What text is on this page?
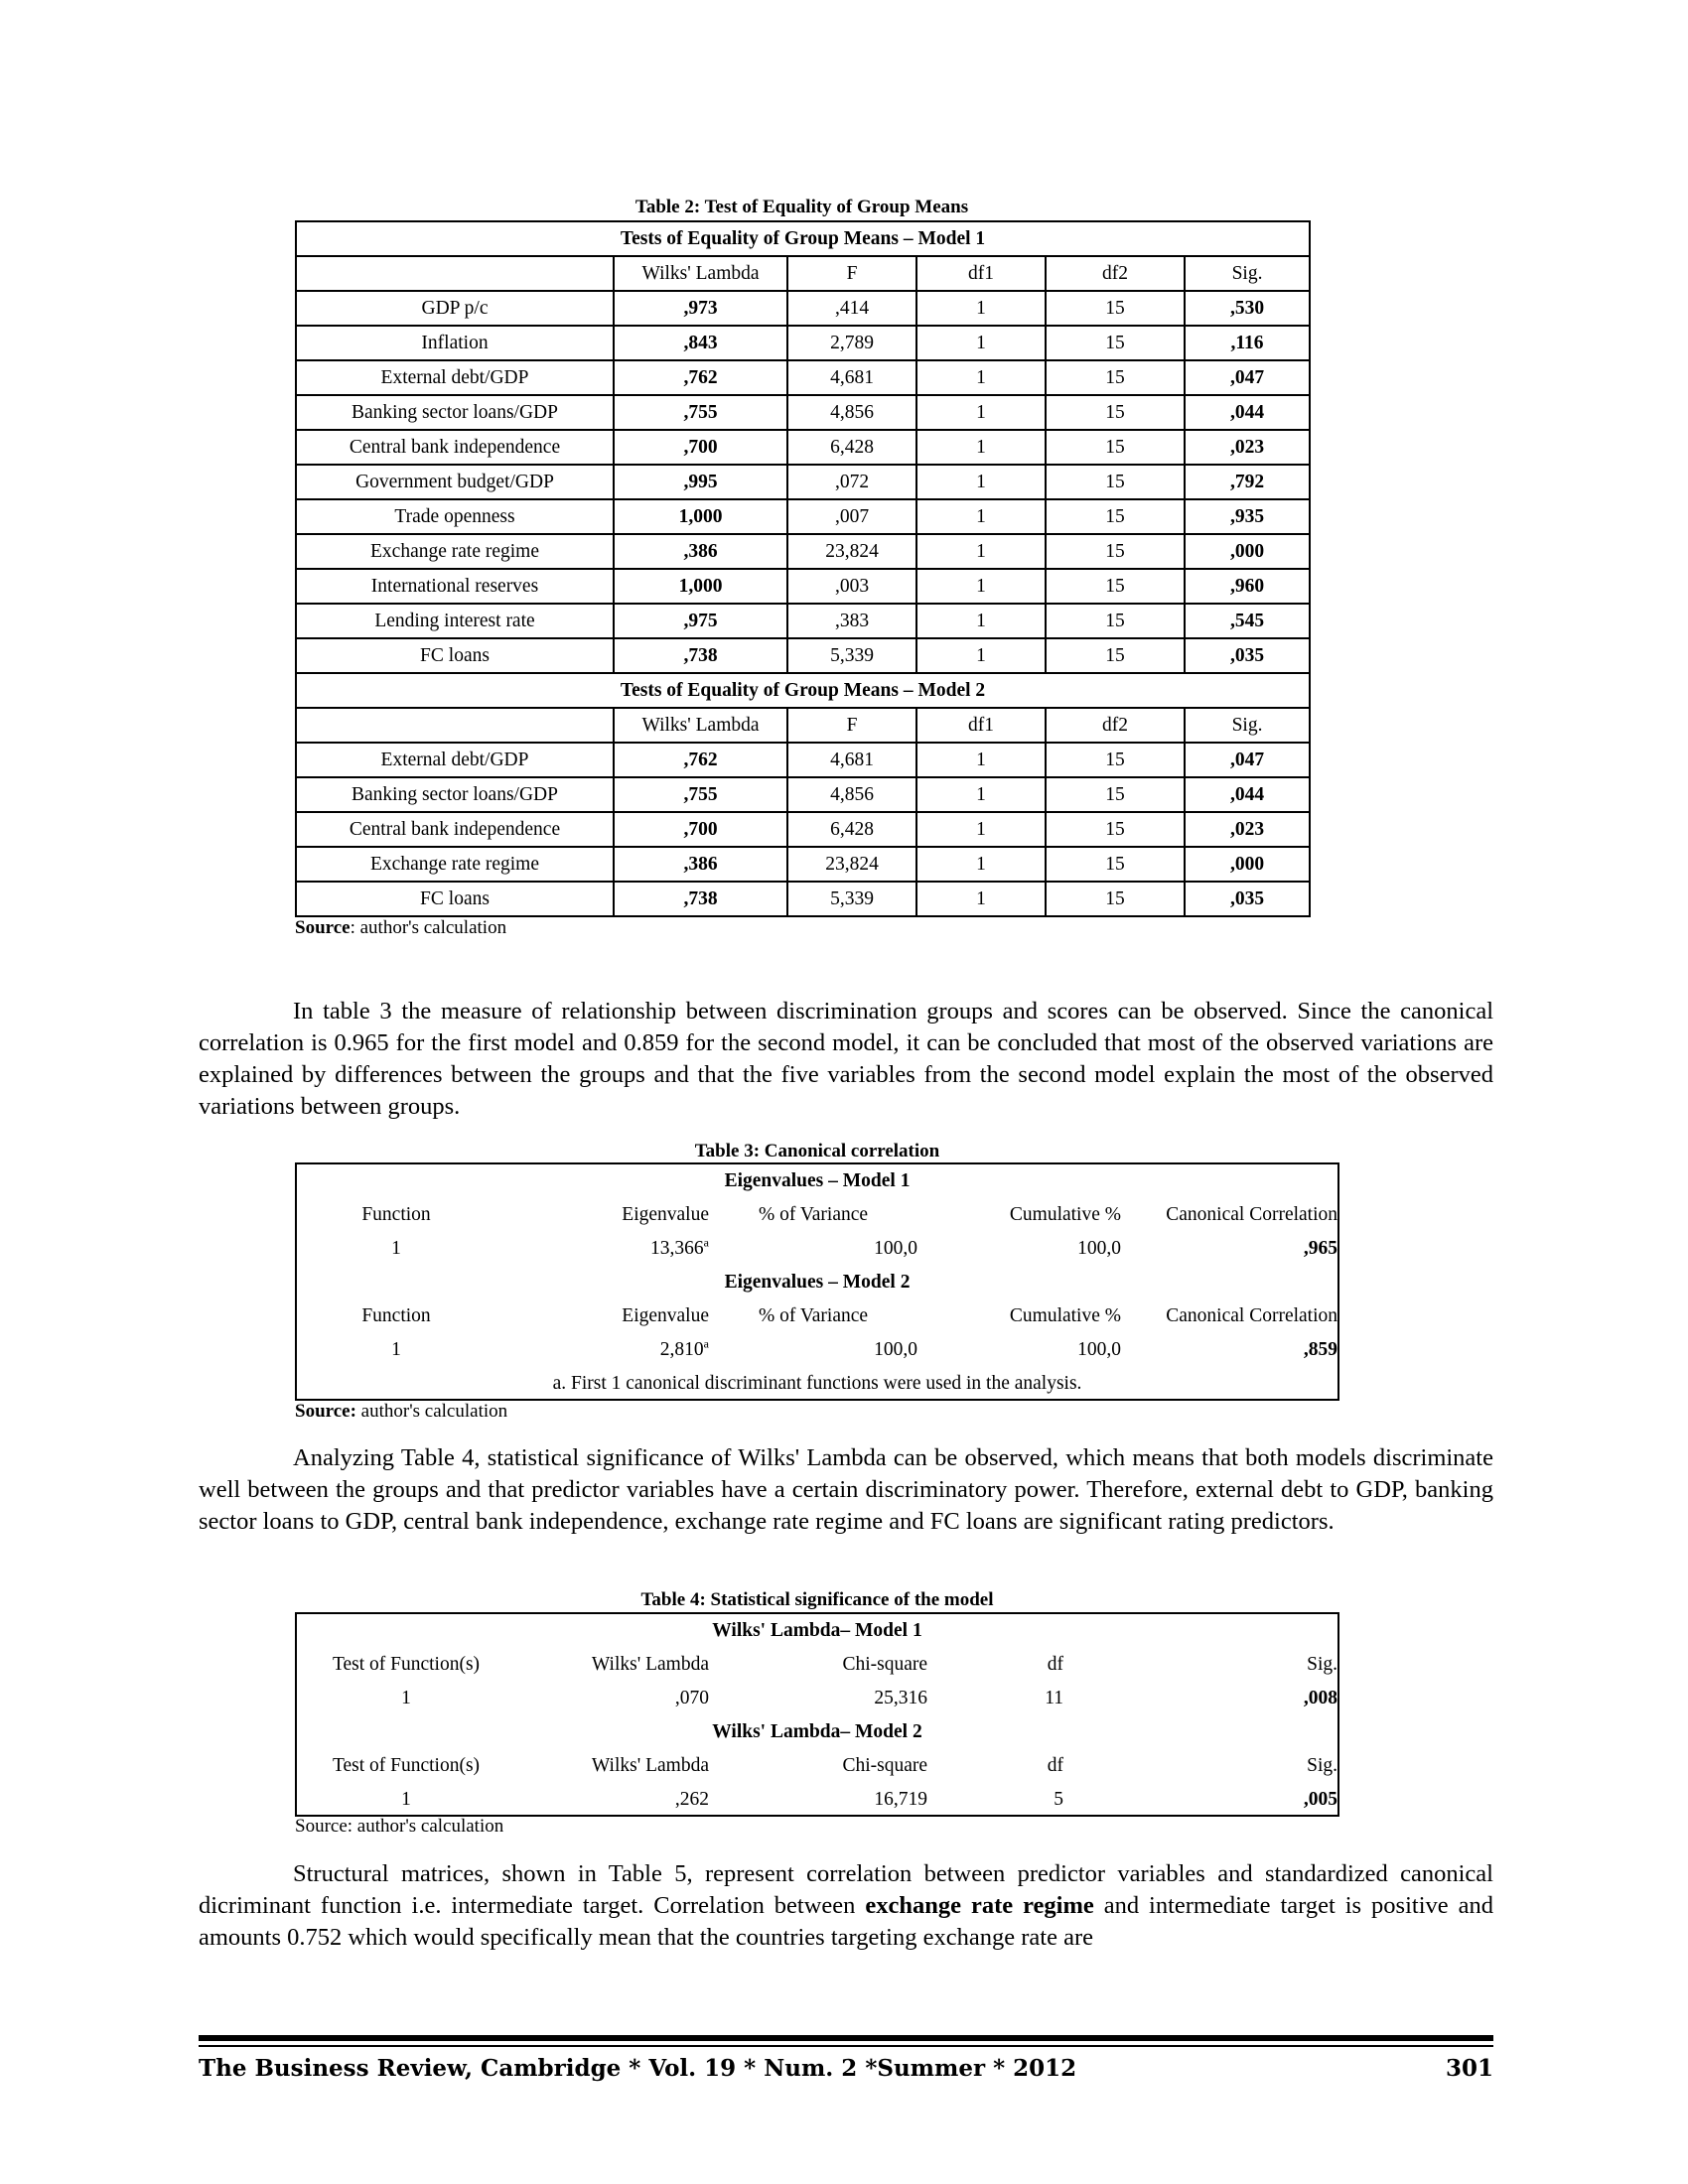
Table 2: Test of Equality of Group Means
Tests of Equality of Group Means – Model 1					
	Wilks' Lambda	F	df1	df2	Sig.
GDP p/c	,973	,414	1	15	,530
Inflation	,843	2,789	1	15	,116
External debt/GDP	,762	4,681	1	15	,047
Banking sector loans/GDP	,755	4,856	1	15	,044
Central bank independence	,700	6,428	1	15	,023
Government budget/GDP	,995	,072	1	15	,792
Trade openness	1,000	,007	1	15	,935
Exchange rate regime	,386	23,824	1	15	,000
International reserves	1,000	,003	1	15	,960
Lending interest rate	,975	,383	1	15	,545
FC loans	,738	5,339	1	15	,035
Tests of Equality of Group Means – Model 2					
	Wilks' Lambda	F	df1	df2	Sig.
External debt/GDP	,762	4,681	1	15	,047
Banking sector loans/GDP	,755	4,856	1	15	,044
Central bank independence	,700	6,428	1	15	,023
Exchange rate regime	,386	23,824	1	15	,000
FC loans	,738	5,339	1	15	,035
Source: author's calculation
In table 3 the measure of relationship between discrimination groups and scores can be observed. Since the canonical correlation is 0.965 for the first model and 0.859 for the second model, it can be concluded that most of the observed variations are explained by differences between the groups and that the five variables from the second model explain the most of the observed variations between groups.
Table 3: Canonical correlation
Eigenvalues – Model 1				
Function	Eigenvalue	% of Variance	Cumulative %	Canonical Correlation
1	13,366$^a$	100,0	100,0	,965
Eigenvalues – Model 2				
Function	Eigenvalue	% of Variance	Cumulative %	Canonical Correlation
1	2,810$^a$	100,0	100,0	,859
a. First 1 canonical discriminant functions were used in the analysis.				
Source: author's calculation
Analyzing Table 4, statistical significance of Wilks' Lambda can be observed, which means that both models discriminate well between the groups and that predictor variables have a certain discriminatory power. Therefore, external debt to GDP, banking sector loans to GDP, central bank independence, exchange rate regime and FC loans are significant rating predictors.
Table 4: Statistical significance of the model
Wilks' Lambda– Model 1				
Test of Function(s)	Wilks' Lambda	Chi-square	df	Sig.
1	,070	25,316	11	,008
Wilks' Lambda– Model 2				
Test of Function(s)	Wilks' Lambda	Chi-square	df	Sig.
1	,262	16,719	5	,005
Source: author's calculation
Structural matrices, shown in Table 5, represent correlation between predictor variables and standardized canonical dicriminant function i.e. intermediate target. Correlation between exchange rate regime and intermediate target is positive and amounts 0.752 which would specifically mean that the countries targeting exchange rate are
The Business Review, Cambridge * Vol. 19 * Num. 2 *Summer * 2012	301
